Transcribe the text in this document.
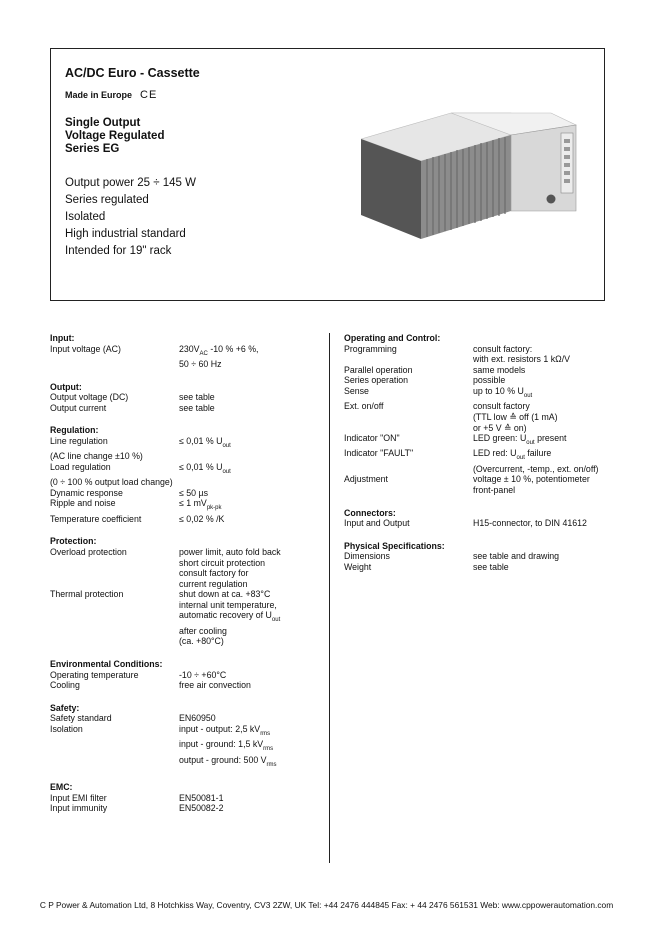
AC/DC Euro - Cassette
Made in Europe CE
Single Output
Voltage Regulated
Series EG
Output power 25 ÷ 145 W
Series regulated
Isolated
High industrial standard
Intended for 19" rack
Input:
Input voltage (AC)	$230V_{AC}$ -10 % +6 %,
50 ÷ 60 Hz
Output:
Output voltage (DC)	see table
Output current	see table
Regulation:
Line regulation	≤ 0,01 % $U_{out}$
(AC line change ±10 %)
Load regulation	≤ 0,01 % $U_{out}$
(0 ÷ 100 % output load change)
Dynamic response	≤ 50 µs
Ripple and noise	≤ 1 $mV_{pk-pk}$
Temperature coefficient	≤ 0,02 % /K
Protection:
Overload protection	power limit, auto fold back
short circuit protection
consult factory for
current regulation
Thermal protection	shut down at ca. +83°C
internal unit temperature,
automatic recovery of $U_{out}$
after cooling
(ca. +80°C)
Environmental Conditions:
Operating temperature	-10 ÷ +60°C
Cooling	free air convection
Safety:
Safety standard	EN60950
Isolation	input - output: 2,5 $kV_{rms}$
input - ground: 1,5 $kV_{rms}$
output - ground: 500 $V_{rms}$
EMC:
Input EMI filter	EN50081-1
Input immunity	EN50082-2
Operating and Control:
Programming	consult factory:
with ext. resistors 1 kΩ/V
Parallel operation	same models
Series operation	possible
Sense	up to 10 % $U_{out}$
Ext. on/off	consult factory
(TTL low ≙ off (1 mA)
or +5 V ≙ on)
Indicator "ON"	LED green: $U_{out}$ present
Indicator "FAULT"	LED red: $U_{out}$ failure
(Overcurrent, -temp., ext. on/off)
Adjustment	voltage ± 10 %, potentiometer
front-panel
Connectors:
Input and Output	H15-connector, to DIN 41612
Physical Specifications:
Dimensions	see table and drawing
Weight	see table
C P Power & Automation Ltd, 8 Hotchkiss Way, Coventry, CV3 2ZW, UK Tel: +44 2476 444845 Fax: + 44 2476 561531 Web: www.cppowerautomation.com
